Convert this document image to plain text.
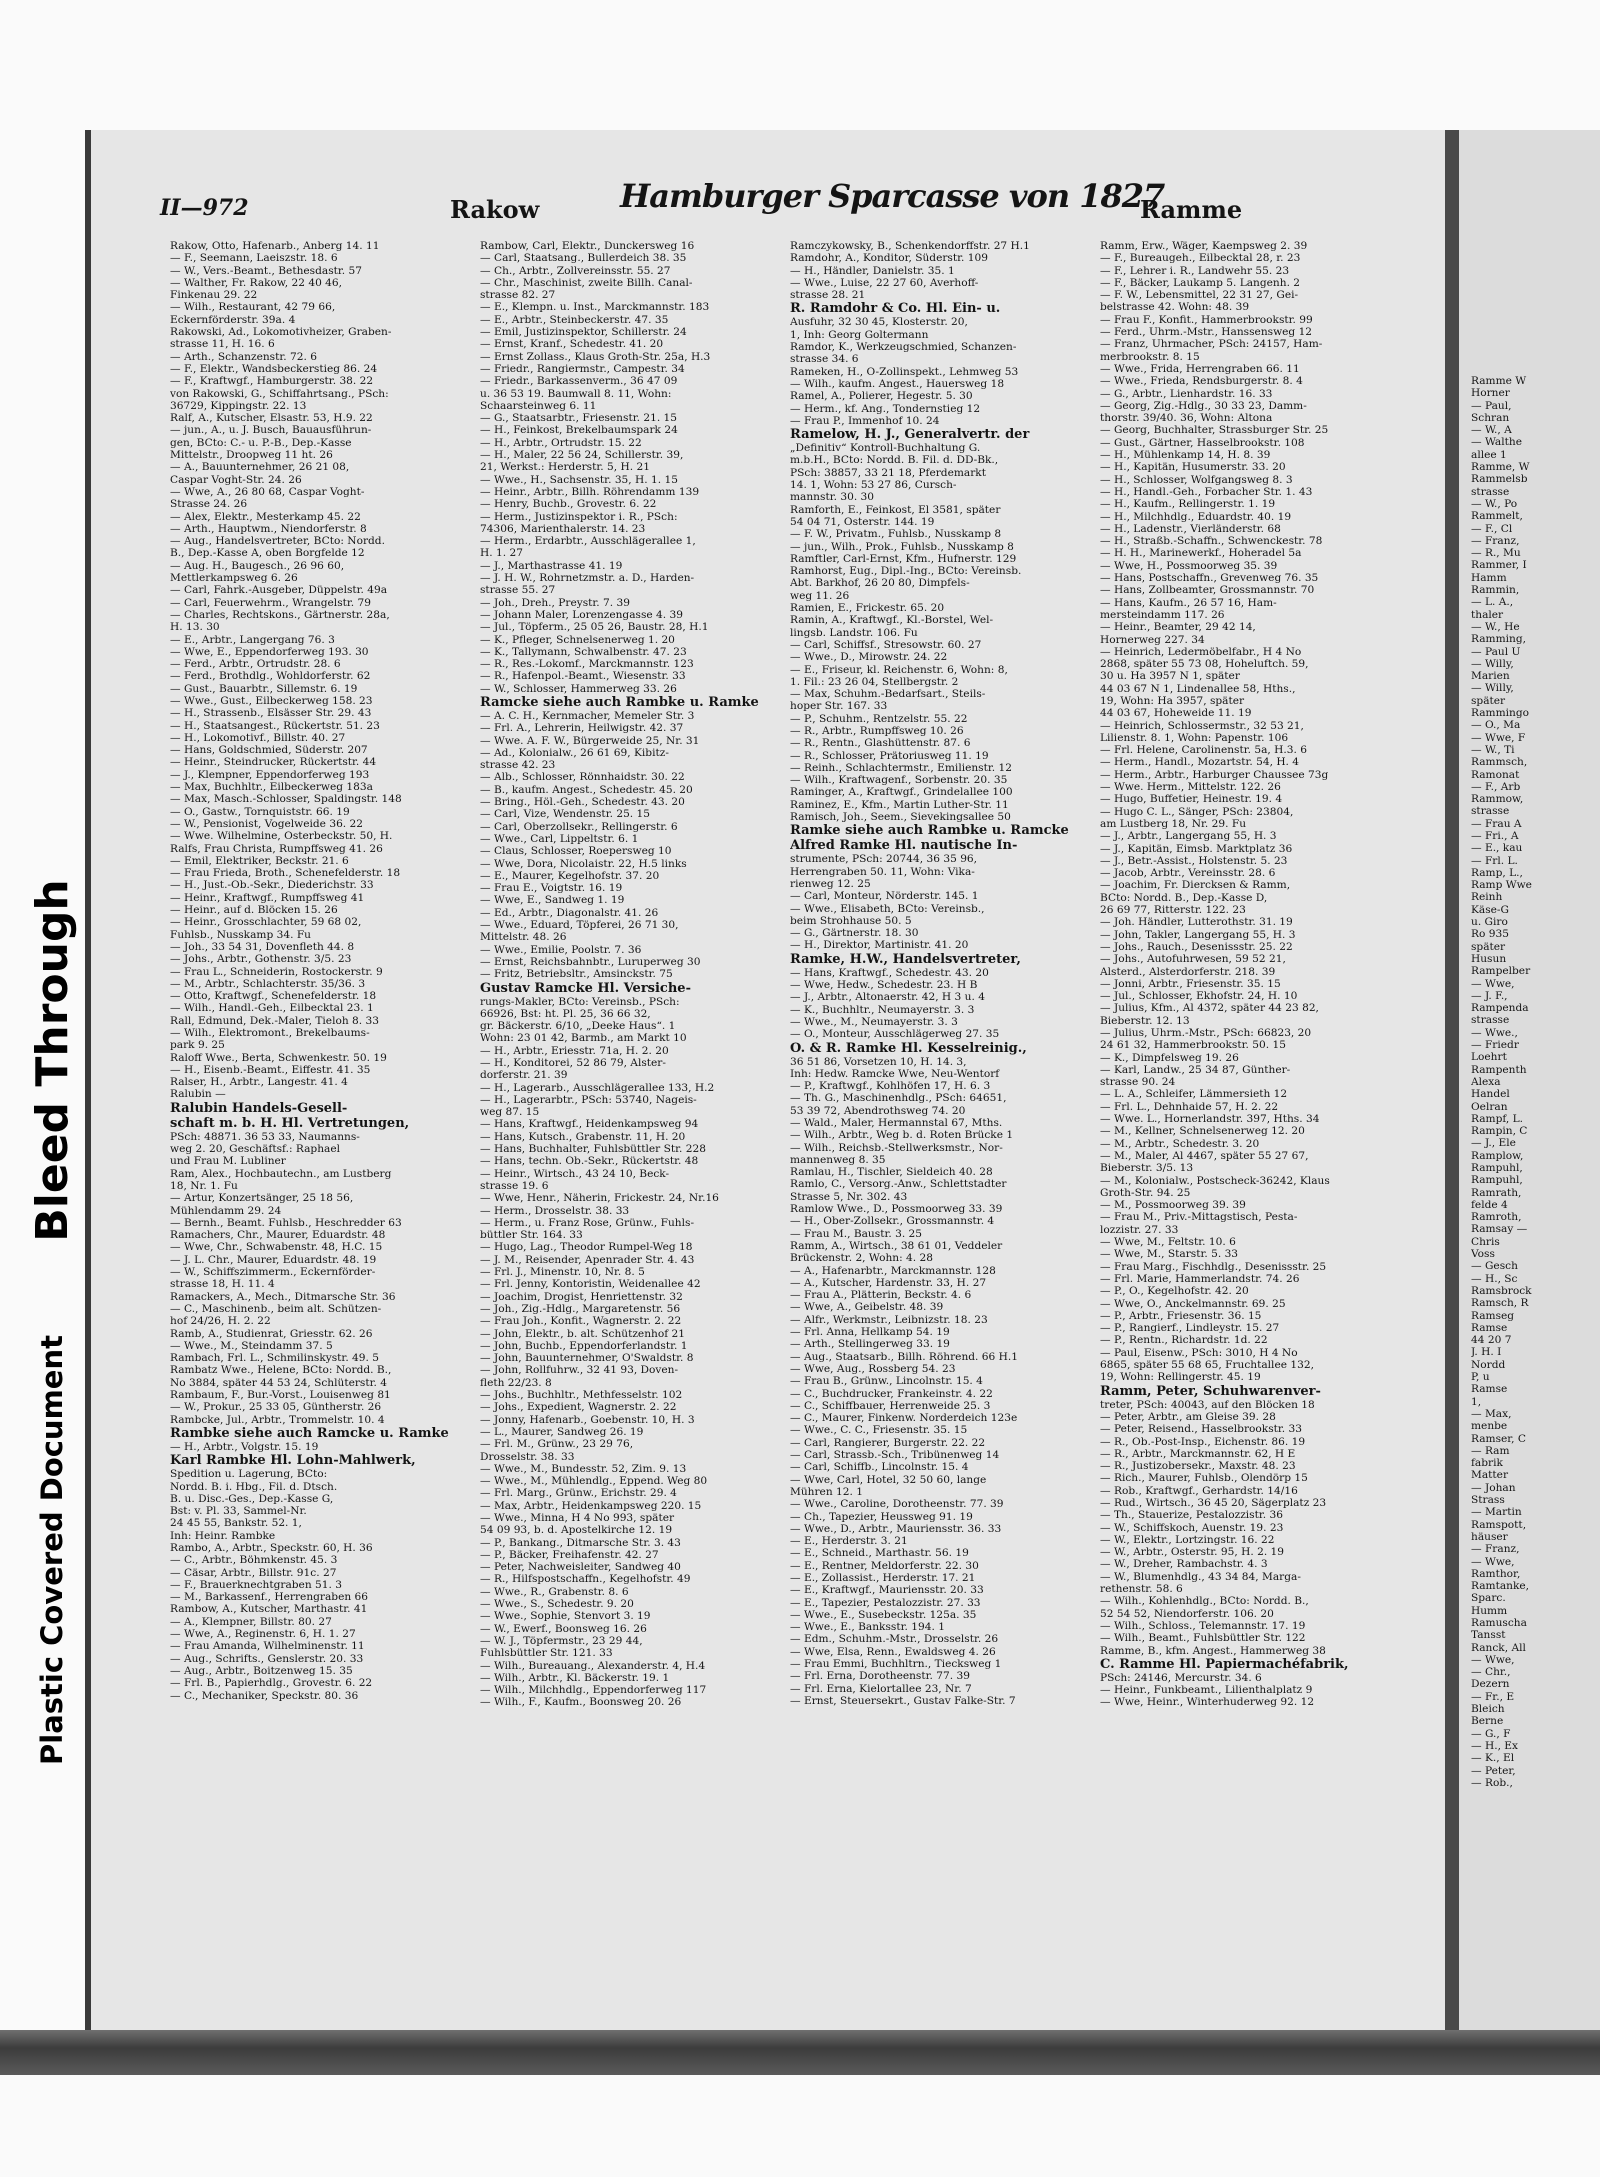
Bleed Through
Plastic Covered Document
Ramme W
Horner
— Paul,
Schran
— W., A
— Walthe
allee 1
Ramme, W
Rammelsb
strasse
— W., Po
Rammelt,
— F., Cl
— Franz,
— R., Mu
Rammer, I
Hamm
Rammin,
— L. A.,
thaler
— W., He
Ramming,
— Paul U
— Willy,
Marien
— Willy,
später
Rammingo
— O., Ma
— Wwe, F
— W., Ti
Rammsch,
Ramonat
— F., Arb
Rammow,
strasse
— Frau A
— Fri., A
— E., kau
— Frl. L.
Ramp, L.,
Ramp Wwe
Reinh
Käse-G
u. Giro
Ro 935
später
Husun
Rampelber
— Wwe,
— J. F.,
Rampenda
strasse
— Wwe.,
— Friedr
Loehrt
Rampenth
Alexa
Handel
Oelran
Rampf, L.
Rampin, C
— J., Ele
Ramplow,
Rampuhl,
Rampuhl,
Ramrath,
felde 4
Ramroth,
Ramsay —
Chris
Voss
— Gesch
— H., Sc
Ramsbrock
Ramsch, R
Ramseg
Ramse
44 20 7
J. H. I
Nordd
P, u
Ramse
1,
— Max,
menbe
Ramser, C
— Ram
fabrik
Matter
— Johan
Strass
— Martin
Ramspott,
häuser
— Franz,
— Wwe,
Ramthor,
Ramtanke,
Sparc.
Humm
Ramuscha
Tansst
Ranck, All
— Wwe,
— Chr.,
Dezern
— Fr., E
Bleich
Berne
— G., F
— H., Ex
— K., El
— Peter,
— Rob.,
II—972	Rakow	Hamburger Sparcasse von 1827
Ramme
Rakow, Otto, Hafenarb., Anberg 14. 11
— F., Seemann, Laeiszstr. 18. 6
— W., Vers.-Beamt., Bethesdastr. 57
— Walther, Fr. Rakow, 22 40 46,
Finkenau 29. 22
— Wilh., Restaurant, 42 79 66,
Eckernförderstr. 39a. 4
Rakowski, Ad., Lokomotivheizer, Graben-
strasse 11, H. 16. 6
— Arth., Schanzenstr. 72. 6
— F., Elektr., Wandsbeckerstieg 86. 24
— F., Kraftwgf., Hamburgerstr. 38. 22
von Rakowski, G., Schiffahrtsang., PSch:
36729, Kippingstr. 22. 13
Ralf, A., Kutscher, Elsastr. 53, H.9. 22
— jun., A., u. J. Busch, Bauausführun-
gen, BCto: C.- u. P.-B., Dep.-Kasse
Mittelstr., Droopweg 11 ht. 26
— A., Bauunternehmer, 26 21 08,
Caspar Voght-Str. 24. 26
— Wwe, A., 26 80 68, Caspar Voght-
Strasse 24. 26
— Alex, Elektr., Mesterkamp 45. 22
— Arth., Hauptwm., Niendorferstr. 8
— Aug., Handelsvertreter, BCto: Nordd.
B., Dep.-Kasse A, oben Borgfelde 12
— Aug. H., Baugesch., 26 96 60,
Mettlerkampsweg 6. 26
— Carl, Fahrk.-Ausgeber, Düppelstr. 49a
— Carl, Feuerwehrm., Wrangelstr. 79
— Charles, Rechtskons., Gärtnerstr. 28a,
H. 13. 30
— E., Arbtr., Langergang 76. 3
— Wwe, E., Eppendorferweg 193. 30
— Ferd., Arbtr., Ortrudstr. 28. 6
— Ferd., Brothdlg., Wohldorferstr. 62
— Gust., Bauarbtr., Sillemstr. 6. 19
— Wwe., Gust., Eilbeckerweg 158. 23
— H., Strassenb., Elsässer Str. 29. 43
— H., Staatsangest., Rückertstr. 51. 23
— H., Lokomotivf., Billstr. 40. 27
— Hans, Goldschmied, Süderstr. 207
— Heinr., Steindrucker, Rückertstr. 44
— J., Klempner, Eppendorferweg 193
— Max, Buchhltr., Eilbeckerweg 183a
— Max, Masch.-Schlosser, Spaldingstr. 148
— O., Gastw., Tornquiststr. 66. 19
— W., Pensionist, Vogelweide 36. 22
— Wwe. Wilhelmine, Osterbeckstr. 50, H.
Ralfs, Frau Christa, Rumpffsweg 41. 26
— Emil, Elektriker, Beckstr. 21. 6
— Frau Frieda, Broth., Schenefelderstr. 18
— H., Just.-Ob.-Sekr., Diederichstr. 33
— Heinr., Kraftwgf., Rumpffsweg 41
— Heinr., auf d. Blöcken 15. 26
— Heinr., Grosschlachter, 59 68 02,
Fuhlsb., Nusskamp 34. Fu
— Joh., 33 54 31, Dovenfleth 44. 8
— Johs., Arbtr., Gothenstr. 3/5. 23
— Frau L., Schneiderin, Rostockerstr. 9
— M., Arbtr., Schlachterstr. 35/36. 3
— Otto, Kraftwgf., Schenefelderstr. 18
— Wilh., Handl.-Geh., Eilbecktal 23. 1
Rall, Edmund, Dek.-Maler, Tieloh 8. 33
— Wilh., Elektromont., Brekelbaums-
park 9. 25
Raloff Wwe., Berta, Schwenkestr. 50. 19
— H., Eisenb.-Beamt., Eiffestr. 41. 35
Ralser, H., Arbtr., Langestr. 41. 4
Ralubin —
Ralubin Handels-Gesell-
schaft m. b. H. Hl. Vertretungen,
PSch: 48871. 36 53 33, Naumanns-
weg 2. 20, Geschäftsf.: Raphael
und Frau M. Lubliner
Ram, Alex., Hochbautechn., am Lustberg
18, Nr. 1. Fu
— Artur, Konzertsänger, 25 18 56,
Mühlendamm 29. 24
— Bernh., Beamt. Fuhlsb., Heschredder 63
Ramachers, Chr., Maurer, Eduardstr. 48
— Wwe, Chr., Schwabenstr. 48, H.C. 15
— J. L. Chr., Maurer, Eduardstr. 48. 19
— W., Schiffszimmerm., Eckernförder-
strasse 18, H. 11. 4
Ramackers, A., Mech., Ditmarsche Str. 36
— C., Maschinenb., beim alt. Schützen-
hof 24/26, H. 2. 22
Ramb, A., Studienrat, Griesstr. 62. 26
— Wwe., M., Steindamm 37. 5
Rambach, Frl. L., Schmilinskystr. 49. 5
Rambatz Wwe., Helene, BCto: Nordd. B.,
No 3884, später 44 53 24, Schlüterstr. 4
Rambaum, F., Bur.-Vorst., Louisenweg 81
— W., Prokur., 25 33 05, Güntherstr. 26
Rambcke, Jul., Arbtr., Trommelstr. 10. 4
Rambke siehe auch Ramcke u. Ramke
— H., Arbtr., Volgstr. 15. 19
Karl Rambke Hl. Lohn-Mahlwerk,
Spedition u. Lagerung, BCto:
Nordd. B. i. Hbg., Fil. d. Dtsch.
B. u. Disc.-Ges., Dep.-Kasse G,
Bst: v. Pl. 33, Sammel-Nr.
24 45 55, Bankstr. 52. 1,
Inh: Heinr. Rambke
Rambo, A., Arbtr., Speckstr. 60, H. 36
— C., Arbtr., Böhmkenstr. 45. 3
— Cäsar, Arbtr., Billstr. 91c. 27
— F., Brauerknechtgraben 51. 3
— M., Barkassenf., Herrengraben 66
Rambow, A., Kutscher, Marthastr. 41
— A., Klempner, Billstr. 80. 27
— Wwe, A., Reginenstr. 6, H. 1. 27
— Frau Amanda, Wilhelminenstr. 11
— Aug., Schrifts., Genslerstr. 20. 33
— Aug., Arbtr., Boitzenweg 15. 35
— Frl. B., Papierhdlg., Grovestr. 6. 22
— C., Mechaniker, Speckstr. 80. 36
Rambow, Carl, Elektr., Dunckersweg 16
— Carl, Staatsang., Bullerdeich 38. 35
— Ch., Arbtr., Zollvereinsstr. 55. 27
— Chr., Maschinist, zweite Billh. Canal-
strasse 82. 27
— E., Klempn. u. Inst., Marckmannstr. 183
— E., Arbtr., Steinbeckerstr. 47. 35
— Emil, Justizinspektor, Schillerstr. 24
— Ernst, Kranf., Schedestr. 41. 20
— Ernst Zollass., Klaus Groth-Str. 25a, H.3
— Friedr., Rangiermstr., Campestr. 34
— Friedr., Barkassenverm., 36 47 09
u. 36 53 19. Baumwall 8. 11, Wohn:
Schaarsteinweg 6. 11
— G., Staatsarbtr., Friesenstr. 21. 15
— H., Feinkost, Brekelbaumspark 24
— H., Arbtr., Ortrudstr. 15. 22
— H., Maler, 22 56 24, Schillerstr. 39,
21, Werkst.: Herderstr. 5, H. 21
— Wwe., H., Sachsenstr. 35, H. 1. 15
— Heinr., Arbtr., Billh. Röhrendamm 139
— Henry, Buchb., Grovestr. 6. 22
— Herm., Justizinspektor i. R., PSch:
74306, Marienthalerstr. 14. 23
— Herm., Erdarbtr., Ausschlägerallee 1,
H. 1. 27
— J., Marthastrasse 41. 19
— J. H. W., Rohrnetzmstr. a. D., Harden-
strasse 55. 27
— Joh., Dreh., Preystr. 7. 39
— Johann Maler, Lorenzengasse 4. 39
— Jul., Töpferm., 25 05 26, Baustr. 28, H.1
— K., Pfleger, Schnelsenerweg 1. 20
— K., Tallymann, Schwalbenstr. 47. 23
— R., Res.-Lokomf., Marckmannstr. 123
— R., Hafenpol.-Beamt., Wiesenstr. 33
— W., Schlosser, Hammerweg 33. 26
Ramcke siehe auch Rambke u. Ramke
— A. C. H., Kernmacher, Memeler Str. 3
— Frl. A., Lehrerin, Heilwigstr. 42. 37
— Wwe. A. F. W., Bürgerweide 25, Nr. 31
— Ad., Kolonialw., 26 61 69, Kibitz-
strasse 42. 23
— Alb., Schlosser, Rönnhaidstr. 30. 22
— B., kaufm. Angest., Schedestr. 45. 20
— Bring., Höl.-Geh., Schedestr. 43. 20
— Carl, Vize, Wendenstr. 25. 15
— Carl, Oberzollsekr., Rellingerstr. 6
— Wwe., Carl, Lippeltstr. 6. 1
— Claus, Schlosser, Roepersweg 10
— Wwe, Dora, Nicolaistr. 22, H.5 links
— E., Maurer, Kegelhofstr. 37. 20
— Frau E., Voigtstr. 16. 19
— Wwe, E., Sandweg 1. 19
— Ed., Arbtr., Diagonalstr. 41. 26
— Wwe., Eduard, Töpferei, 26 71 30,
Mittelstr. 48. 26
— Wwe., Emilie, Poolstr. 7. 36
— Ernst, Reichsbahnbtr., Luruperweg 30
— Fritz, Betriebsltr., Amsinckstr. 75
Gustav Ramcke Hl. Versiche-
rungs-Makler, BCto: Vereinsb., PSch:
66926, Bst: ht. Pl. 25, 36 66 32,
gr. Bäckerstr. 6/10, „Deeke Haus“. 1
Wohn: 23 01 42, Barmb., am Markt 10
— H., Arbtr., Eriesstr. 71a, H. 2. 20
— H., Konditorei, 52 86 79, Alster-
dorferstr. 21. 39
— H., Lagerarb., Ausschlägerallee 133, H.2
— H., Lagerarbtr., PSch: 53740, Nageis-
weg 87. 15
— Hans, Kraftwgf., Heidenkampsweg 94
— Hans, Kutsch., Grabenstr. 11, H. 20
— Hans, Buchhalter, Fuhlsbüttler Str. 228
— Hans, techn. Ob.-Sekr., Rückertstr. 48
— Heinr., Wirtsch., 43 24 10, Beck-
strasse 19. 6
— Wwe, Henr., Näherin, Frickestr. 24, Nr.16
— Herm., Drosselstr. 38. 33
— Herm., u. Franz Rose, Grünw., Fuhls-
büttler Str. 164. 33
— Hugo, Lag., Theodor Rumpel-Weg 18
— J. M., Reisender, Apenrader Str. 4. 43
— Frl. J., Minenstr. 10, Nr. 8. 5
— Frl. Jenny, Kontoristin, Weidenallee 42
— Joachim, Drogist, Henriettenstr. 32
— Joh., Zig.-Hdlg., Margaretenstr. 56
— Frau Joh., Konfit., Wagnerstr. 2. 22
— John, Elektr., b. alt. Schützenhof 21
— John, Buchb., Eppendorferlandstr. 1
— John, Bauunternehmer, O'Swaldstr. 8
— John, Rollfuhrw., 32 41 93, Doven-
fleth 22/23. 8
— Johs., Buchhltr., Methfesselstr. 102
— Johs., Expedient, Wagnerstr. 2. 22
— Jonny, Hafenarb., Goebenstr. 10, H. 3
— L., Maurer, Sandweg 26. 19
— Frl. M., Grünw., 23 29 76,
Drosselstr. 38. 33
— Wwe., M., Bundesstr. 52, Zim. 9. 13
— Wwe., M., Mühlendlg., Eppend. Weg 80
— Frl. Marg., Grünw., Erichstr. 29. 4
— Max, Arbtr., Heidenkampsweg 220. 15
— Wwe., Minna, H 4 No 993, später
54 09 93, b. d. Apostelkirche 12. 19
— P., Bankang., Ditmarsche Str. 3. 43
— P., Bäcker, Freihafenstr. 42. 27
— Peter, Nachweisleiter, Sandweg 40
— R., Hilfspostschaffn., Kegelhofstr. 49
— Wwe., R., Grabenstr. 8. 6
— Wwe., S., Schedestr. 9. 20
— Wwe., Sophie, Stenvort 3. 19
— W., Ewerf., Boonsweg 16. 26
— W. J., Töpfermstr., 23 29 44,
Fuhlsbüttler Str. 121. 33
— Wilh., Bureauang., Alexanderstr. 4, H.4
— Wilh., Arbtr., Kl. Bäckerstr. 19. 1
— Wilh., Milchhdlg., Eppendorferweg 117
— Wilh., F., Kaufm., Boonsweg 20. 26
Ramczykowsky, B., Schenkendorffstr. 27 H.1
Ramdohr, A., Konditor, Süderstr. 109
— H., Händler, Danielstr. 35. 1
— Wwe., Luise, 22 27 60, Averhoff-
strasse 28. 21
R. Ramdohr & Co. Hl. Ein- u.
Ausfuhr, 32 30 45, Klosterstr. 20,
1, Inh: Georg Goltermann
Ramdor, K., Werkzeugschmied, Schanzen-
strasse 34. 6
Rameken, H., O-Zollinspekt., Lehmweg 53
— Wilh., kaufm. Angest., Hauersweg 18
Ramel, A., Polierer, Hegestr. 5. 30
— Herm., kf. Ang., Tondernstieg 12
— Frau P., Immenhof 10. 24
Ramelow, H. J., Generalvertr. der
„Definitiv“ Kontroll-Buchhaltung G.
m.b.H., BCto: Nordd. B. Fil. d. DD-Bk.,
PSch: 38857, 33 21 18, Pferdemarkt
14. 1, Wohn: 53 27 86, Cursch-
mannstr. 30. 30
Ramforth, E., Feinkost, El 3581, später
54 04 71, Osterstr. 144. 19
— F. W., Privatm., Fuhlsb., Nusskamp 8
— jun., Wilh., Prok., Fuhlsb., Nusskamp 8
Ramftler, Carl-Ernst, Kfm., Hufnerstr. 129
Ramhorst, Eug., Dipl.-Ing., BCto: Vereinsb.
Abt. Barkhof, 26 20 80, Dimpfels-
weg 11. 26
Ramien, E., Frickestr. 65. 20
Ramin, A., Kraftwgf., Kl.-Borstel, Wel-
lingsb. Landstr. 106. Fu
— Carl, Schiffsf., Stresowstr. 60. 27
— Wwe., D., Mirowstr. 24. 22
— E., Friseur, kl. Reichenstr. 6, Wohn: 8,
1. Fil.: 23 26 04, Stellbergstr. 2
— Max, Schuhm.-Bedarfsart., Steils-
hoper Str. 167. 33
— P., Schuhm., Rentzelstr. 55. 22
— R., Arbtr., Rumpffsweg 10. 26
— R., Rentn., Glashüttenstr. 87. 6
— R., Schlosser, Prätoriusweg 11. 19
— Reinh., Schlachtermstr., Emilienstr. 12
— Wilh., Kraftwagenf., Sorbenstr. 20. 35
Raminger, A., Kraftwgf., Grindelallee 100
Raminez, E., Kfm., Martin Luther-Str. 11
Ramisch, Joh., Seem., Sievekingsallee 50
Ramke siehe auch Rambke u. Ramcke
Alfred Ramke Hl. nautische In-
strumente, PSch: 20744, 36 35 96,
Herrengraben 50. 11, Wohn: Vika-
rienweg 12. 25
— Carl, Monteur, Nörderstr. 145. 1
— Wwe., Elisabeth, BCto: Vereinsb.,
beim Strohhause 50. 5
— G., Gärtnerstr. 18. 30
— H., Direktor, Martinistr. 41. 20
Ramke, H.W., Handelsvertreter,
— Hans, Kraftwgf., Schedestr. 43. 20
— Wwe, Hedw., Schedestr. 23. H B
— J., Arbtr., Altonaerstr. 42, H 3 u. 4
— K., Buchhltr., Neumayerstr. 3. 3
— Wwe., M., Neumayerstr. 3. 3
— O., Monteur, Ausschlägerweg 27. 35
O. & R. Ramke Hl. Kesselreinig.,
36 51 86, Vorsetzen 10, H. 14. 3,
Inh: Hedw. Ramcke Wwe, Neu-Wentorf
— P., Kraftwgf., Kohlhöfen 17, H. 6. 3
— Th. G., Maschinenhdlg., PSch: 64651,
53 39 72, Abendrothsweg 74. 20
— Wald., Maler, Hermannstal 67, Mths.
— Wilh., Arbtr., Weg b. d. Roten Brücke 1
— Wilh., Reichsb.-Stellwerksmstr., Nor-
mannenweg 8. 35
Ramlau, H., Tischler, Sieldeich 40. 28
Ramlo, C., Versorg.-Anw., Schlettstadter
Strasse 5, Nr. 302. 43
Ramlow Wwe., D., Possmoorweg 33. 39
— H., Ober-Zollsekr., Grossmannstr. 4
— Frau M., Baustr. 3. 25
Ramm, A., Wirtsch., 38 61 01, Veddeler
Brückenstr. 2, Wohn: 4. 28
— A., Hafenarbtr., Marckmannstr. 128
— A., Kutscher, Hardenstr. 33, H. 27
— Frau A., Plätterin, Beckstr. 4. 6
— Wwe, A., Geibelstr. 48. 39
— Alfr., Werkmstr., Leibnizstr. 18. 23
— Frl. Anna, Hellkamp 54. 19
— Arth., Stellingerweg 33. 19
— Aug., Staatsarb., Billh. Röhrend. 66 H.1
— Wwe, Aug., Rossberg 54. 23
— Frau B., Grünw., Lincolnstr. 15. 4
— C., Buchdrucker, Frankeinstr. 4. 22
— C., Schiffbauer, Herrenweide 25. 3
— C., Maurer, Finkenw. Norderdeich 123e
— Wwe., C. C., Friesenstr. 35. 15
— Carl, Rangierer, Burgerstr. 22. 22
— Carl, Strassb.-Sch., Tribünenweg 14
— Carl, Schiffb., Lincolnstr. 15. 4
— Wwe, Carl, Hotel, 32 50 60, lange
Mühren 12. 1
— Wwe., Caroline, Dorotheenstr. 77. 39
— Ch., Tapezier, Heussweg 91. 19
— Wwe., D., Arbtr., Mauriensstr. 36. 33
— E., Herderstr. 3. 21
— E., Schneid., Marthastr. 56. 19
— E., Rentner, Meldorferstr. 22. 30
— E., Zollassist., Herderstr. 17. 21
— E., Kraftwgf., Mauriensstr. 20. 33
— E., Tapezier, Pestalozzistr. 27. 33
— Wwe., E., Susebeckstr. 125a. 35
— Wwe., E., Banksstr. 194. 1
— Edm., Schuhm.-Mstr., Drosselstr. 26
— Wwe, Elsa, Renn., Ewaldsweg 4. 26
— Frau Emmi, Buchhltrn., Tiecksweg 1
— Frl. Erna, Dorotheenstr. 77. 39
— Frl. Erna, Kielortallee 23, Nr. 7
— Ernst, Steuersekrt., Gustav Falke-Str. 7
Ramm, Erw., Wäger, Kaempsweg 2. 39
— F., Bureaugeh., Eilbecktal 28, r. 23
— F., Lehrer i. R., Landwehr 55. 23
— F., Bäcker, Laukamp 5. Langenh. 2
— F. W., Lebensmittel, 22 31 27, Gei-
belstrasse 42. Wohn: 48. 39
— Frau F., Konfit., Hammerbrookstr. 99
— Ferd., Uhrm.-Mstr., Hanssensweg 12
— Franz, Uhrmacher, PSch: 24157, Ham-
merbrookstr. 8. 15
— Wwe., Frida, Herrengraben 66. 11
— Wwe., Frieda, Rendsburgerstr. 8. 4
— G., Arbtr., Lienhardstr. 16. 33
— Georg, Zig.-Hdlg., 30 33 23, Damm-
thorstr. 39/40. 36, Wohn: Altona
— Georg, Buchhalter, Strassburger Str. 25
— Gust., Gärtner, Hasselbrookstr. 108
— H., Mühlenkamp 14, H. 8. 39
— H., Kapitän, Husumerstr. 33. 20
— H., Schlosser, Wolfgangsweg 8. 3
— H., Handl.-Geh., Forbacher Str. 1. 43
— H., Kaufm., Rellingerstr. 1. 19
— H., Milchhdlg., Eduardstr. 40. 19
— H., Ladenstr., Vierländerstr. 68
— H., Straßb.-Schaffn., Schwenckestr. 78
— H. H., Marinewerkf., Hoheradel 5a
— Wwe, H., Possmoorweg 35. 39
— Hans, Postschaffn., Grevenweg 76. 35
— Hans, Zollbeamter, Grossmannstr. 70
— Hans, Kaufm., 26 57 16, Ham-
mersteindamm 117. 26
— Heinr., Beamter, 29 42 14,
Hornerweg 227. 34
— Heinrich, Ledermöbelfabr., H 4 No
2868, später 55 73 08, Hoheluftch. 59,
30 u. Ha 3957 N 1, später
44 03 67 N 1, Lindenallee 58, Hths.,
19, Wohn: Ha 3957, später
44 03 67, Hoheweide 11. 19
— Heinrich, Schlossermstr., 32 53 21,
Lilienstr. 8. 1, Wohn: Papenstr. 106
— Frl. Helene, Carolinenstr. 5a, H.3. 6
— Herm., Handl., Mozartstr. 54, H. 4
— Herm., Arbtr., Harburger Chaussee 73g
— Wwe. Herm., Mittelstr. 122. 26
— Hugo, Buffetier, Heinestr. 19. 4
— Hugo C. L., Sänger, PSch: 23804,
am Lustberg 18, Nr. 29. Fu
— J., Arbtr., Langergang 55, H. 3
— J., Kapitän, Eimsb. Marktplatz 36
— J., Betr.-Assist., Holstenstr. 5. 23
— Jacob, Arbtr., Vereinsstr. 28. 6
— Joachim, Fr. Diercksen & Ramm,
BCto: Nordd. B., Dep.-Kasse D,
26 69 77, Ritterstr. 122. 23
— Joh. Händler, Lutterothstr. 31. 19
— John, Takler, Langergang 55, H. 3
— Johs., Rauch., Desenissstr. 25. 22
— Johs., Autofuhrwesen, 59 52 21,
Alsterd., Alsterdorferstr. 218. 39
— Jonni, Arbtr., Friesenstr. 35. 15
— Jul., Schlosser, Ekhofstr. 24, H. 10
— Julius, Kfm., Al 4372, später 44 23 82,
Bieberstr. 12. 13
— Julius, Uhrm.-Mstr., PSch: 66823, 20
24 61 32, Hammerbrookstr. 50. 15
— K., Dimpfelsweg 19. 26
— Karl, Landw., 25 34 87, Günther-
strasse 90. 24
— L. A., Schleifer, Lämmersieth 12
— Frl. L., Dehnhaide 57, H. 2. 22
— Wwe. L., Hornerlandstr. 397, Hths. 34
— M., Kellner, Schnelsenerweg 12. 20
— M., Arbtr., Schedestr. 3. 20
— M., Maler, Al 4467, später 55 27 67,
Bieberstr. 3/5. 13
— M., Kolonialw., Postscheck-36242, Klaus
Groth-Str. 94. 25
— M., Possmoorweg 39. 39
— Frau M., Priv.-Mittagstisch, Pesta-
lozzistr. 27. 33
— Wwe, M., Feltstr. 10. 6
— Wwe, M., Starstr. 5. 33
— Frau Marg., Fischhdlg., Desenissstr. 25
— Frl. Marie, Hammerlandstr. 74. 26
— P., O., Kegelhofstr. 42. 20
— Wwe, O., Anckelmannstr. 69. 25
— P., Arbtr., Friesenstr. 36. 15
— P., Rangierf., Lindleystr. 15. 27
— P., Rentn., Richardstr. 1d. 22
— Paul, Eisenw., PSch: 3010, H 4 No
6865, später 55 68 65, Fruchtallee 132,
19, Wohn: Rellingerstr. 45. 19
Ramm, Peter, Schuhwarenver-
treter, PSch: 40043, auf den Blöcken 18
— Peter, Arbtr., am Gleise 39. 28
— Peter, Reisend., Hasselbrookstr. 33
— R., Ob.-Post-Insp., Eichenstr. 86. 19
— R., Arbtr., Marckmannstr. 62, H E
— R., Justizobersekr., Maxstr. 48. 23
— Rich., Maurer, Fuhlsb., Olendörp 15
— Rob., Kraftwgf., Gerhardstr. 14/16
— Rud., Wirtsch., 36 45 20, Sägerplatz 23
— Th., Stauerize, Pestalozzistr. 36
— W., Schiffskoch, Auenstr. 19. 23
— W., Elektr., Lortzingstr. 16. 22
— W., Arbtr., Osterstr. 95, H. 2. 19
— W., Dreher, Rambachstr. 4. 3
— W., Blumenhdlg., 43 34 84, Marga-
rethenstr. 58. 6
— Wilh., Kohlenhdlg., BCto: Nordd. B.,
52 54 52, Niendorferstr. 106. 20
— Wilh., Schloss., Telemannstr. 17. 19
— Wilh., Beamt., Fuhlsbüttler Str. 122
Ramme, B., kfm. Angest., Hammerweg 38
C. Ramme Hl. Papiermachéfabrik,
PSch: 24146, Mercurstr. 34. 6
— Heinr., Funkbeamt., Lilienthalplatz 9
— Wwe, Heinr., Winterhuderweg 92. 12
